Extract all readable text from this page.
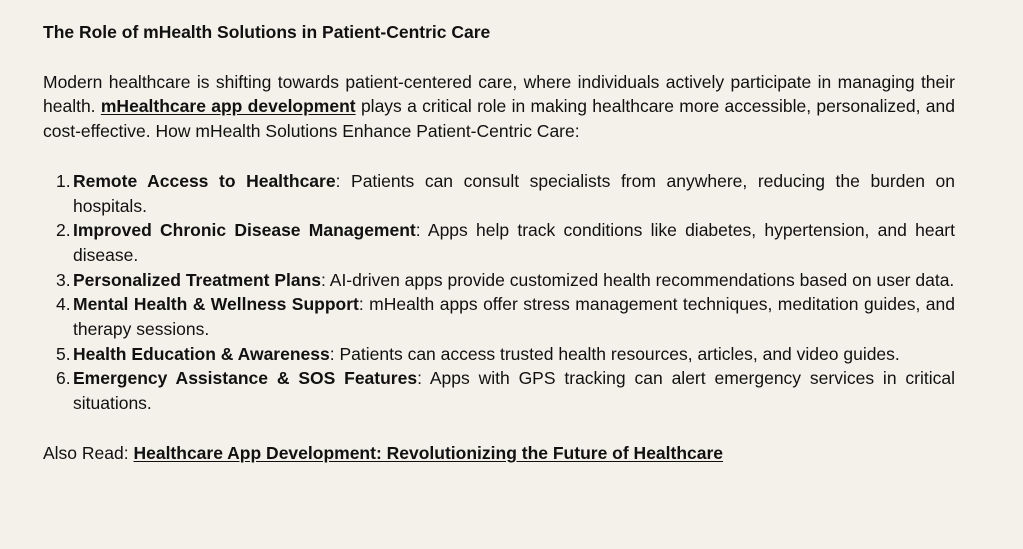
The Role of mHealth Solutions in Patient-Centric Care

Modern healthcare is shifting towards patient-centered care, where individuals actively participate in managing their health. mHealthcare app development plays a critical role in making healthcare more accessible, personalized, and cost-effective. How mHealth Solutions Enhance Patient-Centric Care:

1. Remote Access to Healthcare: Patients can consult specialists from anywhere, reducing the burden on hospitals.
2. Improved Chronic Disease Management: Apps help track conditions like diabetes, hypertension, and heart disease.
3. Personalized Treatment Plans: AI-driven apps provide customized health recommendations based on user data.
4. Mental Health & Wellness Support: mHealth apps offer stress management techniques, meditation guides, and therapy sessions.
5. Health Education & Awareness: Patients can access trusted health resources, articles, and video guides.
6. Emergency Assistance & SOS Features: Apps with GPS tracking can alert emergency services in critical situations.

Also Read: Healthcare App Development: Revolutionizing the Future of Healthcare
